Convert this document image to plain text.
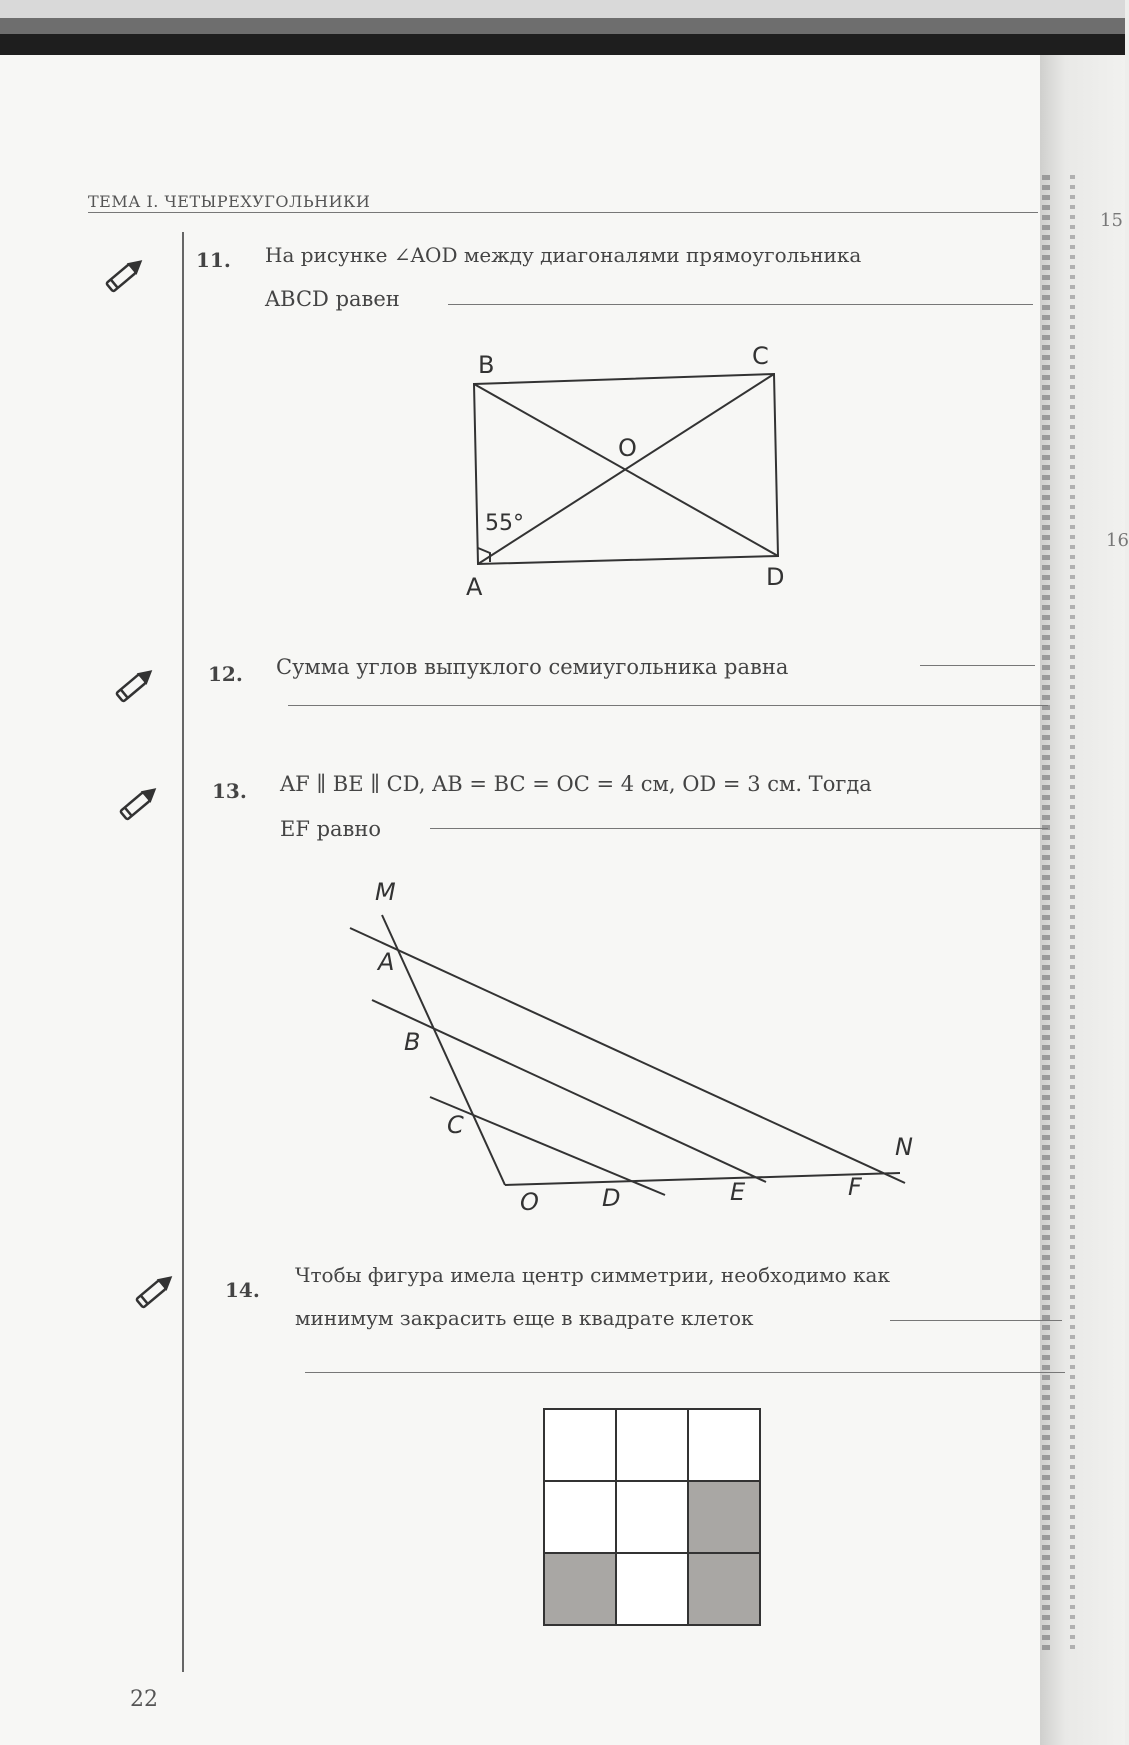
15
16
ТЕМА I. ЧЕТЫРЕХУГОЛЬНИКИ
11. На рисунке ∠AOD между диагоналями прямоугольника
ABCD равен
B	C
O
A	D
55°
12. Сумма углов выпуклого семиугольника равна
13. AF ∥ BE ∥ CD, AB = BC = OC = 4 см, OD = 3 см. Тогда
EF равно
M
A
B
C
N
O	D	E	F
14.
Чтобы фигура имела центр симметрии, необходимо как
минимум закрасить еще в квадрате клеток
22
